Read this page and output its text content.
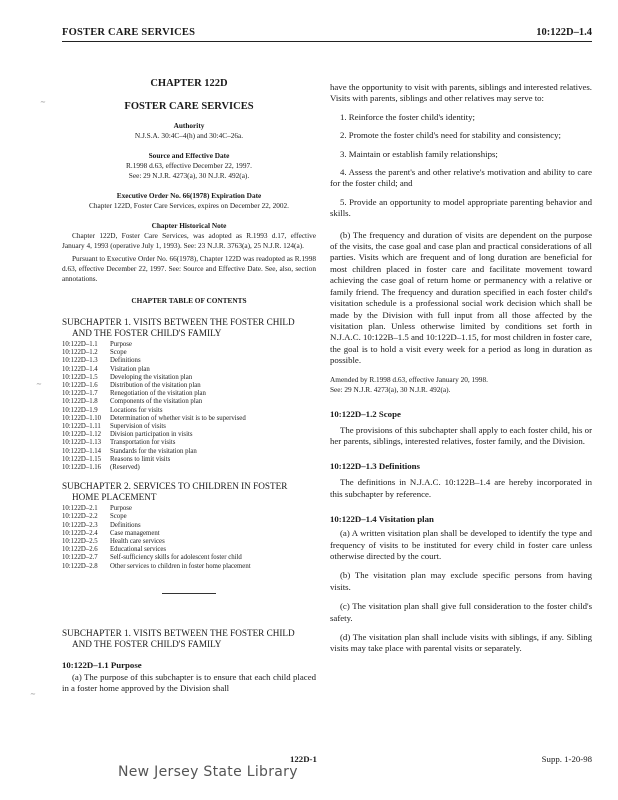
FOSTER CARE SERVICES	10:122D–1.4
CHAPTER 122D
FOSTER CARE SERVICES
Authority
N.J.S.A. 30:4C–4(h) and 30:4C–26a.
Source and Effective Date
R.1998 d.63, effective December 22, 1997.
See: 29 N.J.R. 4273(a), 30 N.J.R. 492(a).
Executive Order No. 66(1978) Expiration Date
Chapter 122D, Foster Care Services, expires on December 22, 2002.
Chapter Historical Note

Chapter 122D, Foster Care Services, was adopted as R.1993 d.17, effective January 4, 1993 (operative July 1, 1993). See: 23 N.J.R. 3763(a), 25 N.J.R. 124(a).

Pursuant to Executive Order No. 66(1978), Chapter 122D was readopted as R.1998 d.63, effective December 22, 1997. See: Source and Effective Date. See, also, section annotations.

CHAPTER TABLE OF CONTENTS
SUBCHAPTER 1. VISITS BETWEEN THE FOSTER CHILD AND THE FOSTER CHILD'S FAMILY
10:122D–1.1	Purpose
10:122D–1.2	Scope
10:122D–1.3	Definitions
10:122D–1.4	Visitation plan
10:122D–1.5	Developing the visitation plan
10:122D–1.6	Distribution of the visitation plan
10:122D–1.7	Renegotiation of the visitation plan
10:122D–1.8	Components of the visitation plan
10:122D–1.9	Locations for visits
10:122D–1.10	Determination of whether visit is to be supervised
10:122D–1.11	Supervision of visits
10:122D–1.12	Division participation in visits
10:122D–1.13	Transportation for visits
10:122D–1.14	Standards for the visitation plan
10:122D–1.15	Reasons to limit visits
10:122D–1.16	(Reserved)
SUBCHAPTER 2. SERVICES TO CHILDREN IN FOSTER HOME PLACEMENT
10:122D–2.1	Purpose
10:122D–2.2	Scope
10:122D–2.3	Definitions
10:122D–2.4	Case management
10:122D–2.5	Health care services
10:122D–2.6	Educational services
10:122D–2.7	Self-sufficiency skills for adolescent foster child
10:122D–2.8	Other services to children in foster home placement
SUBCHAPTER 1. VISITS BETWEEN THE FOSTER CHILD AND THE FOSTER CHILD'S FAMILY
10:122D–1.1 Purpose

(a) The purpose of this subchapter is to ensure that each child placed in a foster home approved by the Division shall

have the opportunity to visit with parents, siblings and interested relatives. Visits with parents, siblings and other relatives may serve to:

1. Reinforce the foster child's identity;

2. Promote the foster child's need for stability and consistency;

3. Maintain or establish family relationships;

4. Assess the parent's and other relative's motivation and ability to care for the foster child; and

5. Provide an opportunity to model appropriate parenting behavior and skills.

(b) The frequency and duration of visits are dependent on the purpose of the visits, the case goal and case plan and practical considerations of all parties. Visits which are frequent and of long duration are beneficial for most children placed in foster care and facilitate movement toward achieving the case goal of return home or permanency with a relative or family friend. The frequency and duration specified in each foster child's visitation schedule is a professional social work decision which shall be made by the Division with full input from all those affected by the visitation plan. Unless otherwise limited by conditions set forth in N.J.A.C. 10:122B–1.5 and 10:122D–1.15, for most children in foster care, the goal is to hold a visit every week for a period as long in duration as possible.

Amended by R.1998 d.63, effective January 20, 1998.
See: 29 N.J.R. 4273(a), 30 N.J.R. 492(a).
10:122D–1.2 Scope

The provisions of this subchapter shall apply to each foster child, his or her parents, siblings, interested relatives, foster family, and the Division.

10:122D–1.3 Definitions

The definitions in N.J.A.C. 10:122B–1.4 are hereby incorporated in this subchapter by reference.

10:122D–1.4 Visitation plan

(a) A written visitation plan shall be developed to identify the type and frequency of visits to be instituted for every child in foster care unless otherwise directed by the court.

(b) The visitation plan may exclude specific persons from having visits.

(c) The visitation plan shall give full consideration to the foster child's safety.

(d) The visitation plan shall include visits with siblings, if any. Sibling visits may take place with parental visits or separately.

122D-1	Supp. 1-20-98
New Jersey State Library
∼
∼
∼
